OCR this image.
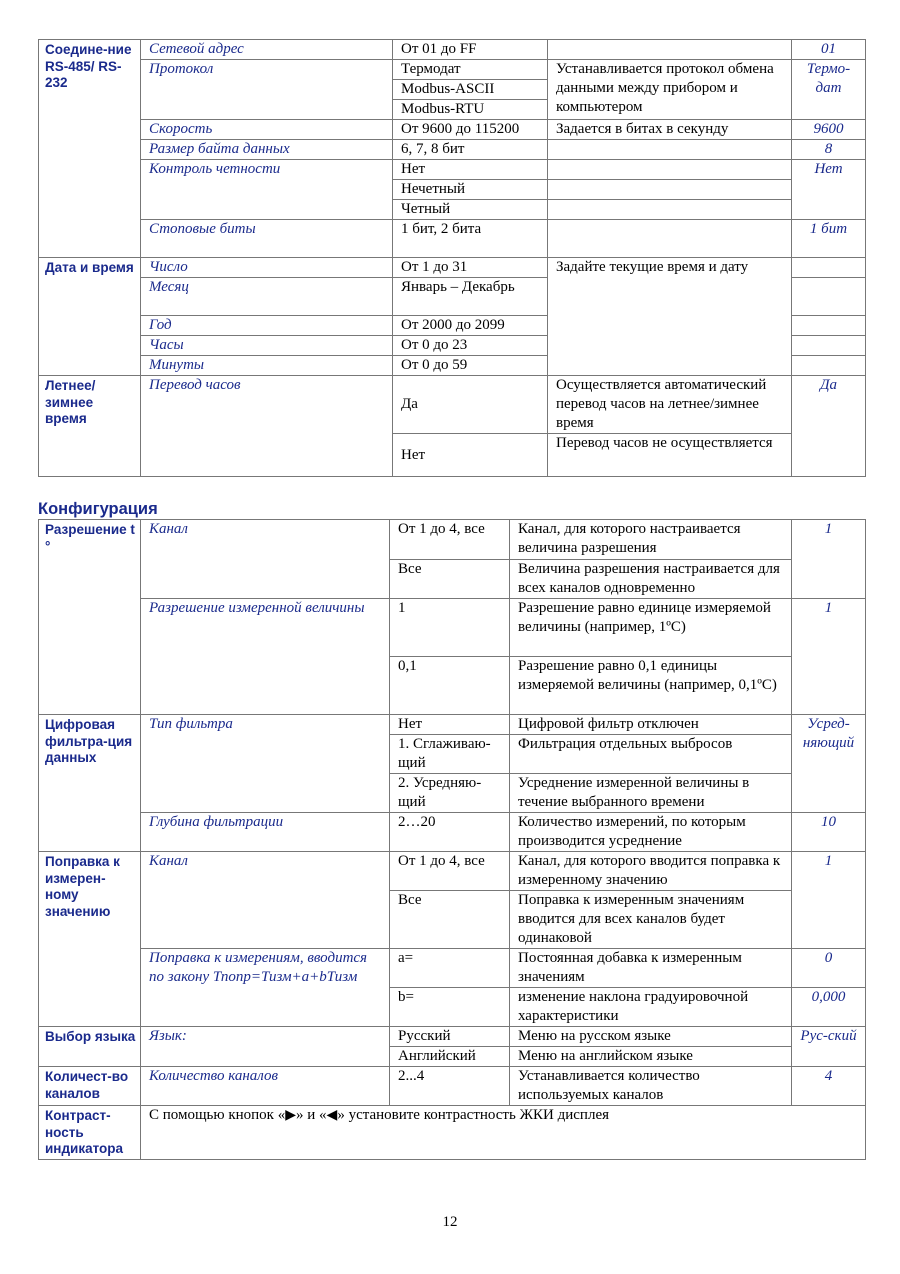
Соедине-ние RS-485/ RS-232	Сетевой адрес	От 01 до FF		01
	Протокол	Термодат	Устанавливается протокол обмена данными между прибором и компьютером	Термо-дат
		Modbus-ASCII		
		Modbus-RTU		
	Скорость	От 9600 до 115200	Задается в битах в секунду	9600
	Размер байта данных	6, 7, 8 бит		8
	Контроль четности	Нет		Нет
		Нечетный		
		Четный		
	Стоповые биты	1 бит, 2 бита		1 бит
Дата и время	Число	От 1 до 31	Задайте текущие время и дату	
	Месяц	Январь – Декабрь		
	Год	От 2000 до 2099		
	Часы	От 0 до 23		
	Минуты	От 0 до 59		
Летнее/ зимнее время	Перевод часов	Да	Осуществляется автоматический перевод часов на летнее/зимнее время	Да
		Нет	Перевод часов не осуществляется	
Конфигурация
Разрешение t °	Канал	От 1 до 4, все	Канал, для которого настраивается величина разрешения	1
		Все	Величина разрешения настраивается для всех каналов одновременно	
	Разрешение измеренной величины	1	Разрешение равно единице измеряемой величины (например, 1ºС)	1
		0,1	Разрешение равно 0,1 единицы измеряемой величины (например, 0,1ºС)	
Цифровая фильтра-ция данных	Тип фильтра	Нет	Цифровой фильтр отключен	Усред-няющий
		1. Сглаживаю-щий	Фильтрация отдельных выбросов	
		2. Усредняю-щий	Усреднение измеренной величины в течение выбранного времени	
	Глубина фильтрации	2…20	Количество измерений, по которым производится усреднение	10
Поправка к измерен-ному значению	Канал	От 1 до 4, все	Канал, для которого вводится поправка к измеренному значению	1
		Все	Поправка к измеренным значениям вводится для всех каналов будет одинаковой	
	Поправка к измерениям, вводится по закону Тпопр=Тизм+а+bТизм	a=	Постоянная добавка к измеренным значениям	0
		b=	изменение наклона градуировочной характеристики	0,000
Выбор языка	Язык:	Русский	Меню на русском языке	Рус-ский
		Английский	Меню на английском языке	
Количест-во каналов	Количество каналов	2...4	Устанавливается количество используемых каналов	4
Контраст-ность индикатора	С помощью кнопок «▶» и «◀» установите контрастность ЖКИ дисплея			
12
